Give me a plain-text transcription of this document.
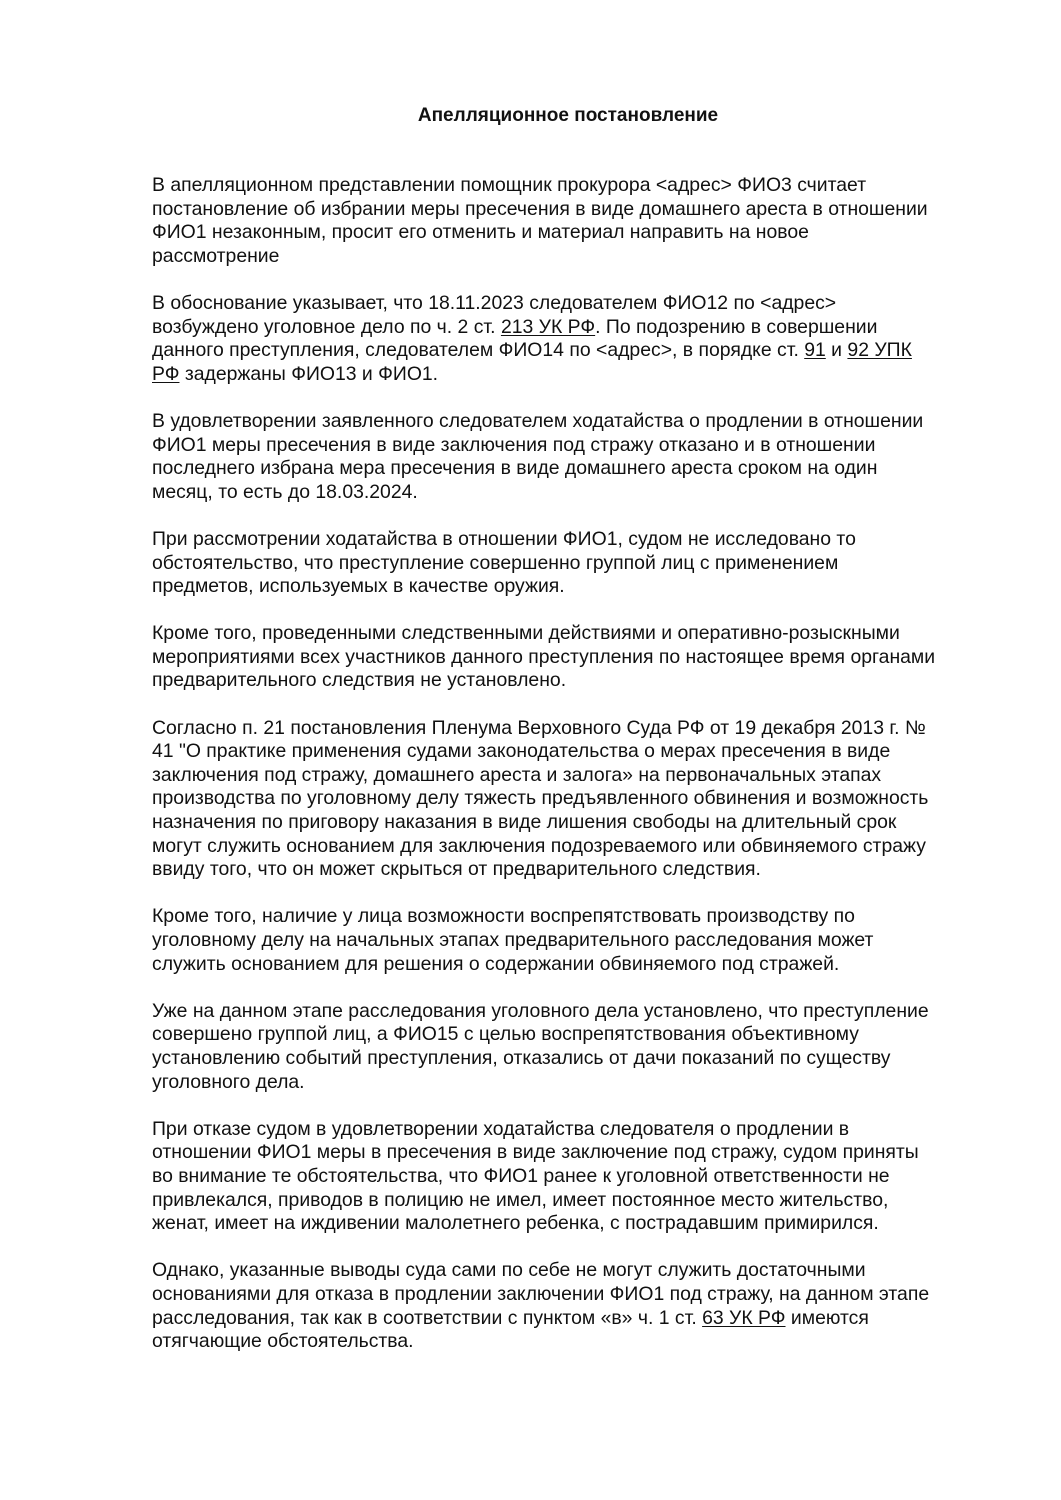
Апелляционное постановление

В апелляционном представлении помощник прокурора <адрес> ФИО3 считает
постановление об избрании меры пресечения в виде домашнего ареста в отношении
ФИО1 незаконным, просит его отменить и материал направить на новое
рассмотрение

В обоснование указывает, что 18.11.2023 следователем ФИО12 по <адрес>
возбуждено уголовное дело по ч. 2 ст. 213 УК РФ. По подозрению в совершении
данного преступления, следователем ФИО14 по <адрес>, в порядке ст. 91 и 92 УПК
РФ задержаны ФИО13 и ФИО1.

В удовлетворении заявленного следователем ходатайства о продлении в отношении
ФИО1 меры пресечения в виде заключения под стражу отказано и в отношении
последнего избрана мера пресечения в виде домашнего ареста сроком на один
месяц, то есть до 18.03.2024.

При рассмотрении ходатайства в отношении ФИО1, судом не исследовано то
обстоятельство, что преступление совершенно группой лиц с применением
предметов, используемых в качестве оружия.

Кроме того, проведенными следственными действиями и оперативно-розыскными
мероприятиями всех участников данного преступления по настоящее время органами
предварительного следствия не установлено.

Согласно п. 21 постановления Пленума Верховного Суда РФ от 19 декабря 2013 г. №
41 "О практике применения судами законодательства о мерах пресечения в виде
заключения под стражу, домашнего ареста и залога» на первоначальных этапах
производства по уголовному делу тяжесть предъявленного обвинения и возможность
назначения по приговору наказания в виде лишения свободы на длительный срок
могут служить основанием для заключения подозреваемого или обвиняемого стражу
ввиду того, что он может скрыться от предварительного следствия.

Кроме того, наличие у лица возможности воспрепятствовать производству по
уголовному делу на начальных этапах предварительного расследования может
служить основанием для решения о содержании обвиняемого под стражей.

Уже на данном этапе расследования уголовного дела установлено, что преступление
совершено группой лиц, а ФИО15 с целью воспрепятствования объективному
установлению событий преступления, отказались от дачи показаний по существу
уголовного дела.

При отказе судом в удовлетворении ходатайства следователя о продлении в
отношении ФИО1 меры в пресечения в виде заключение под стражу, судом приняты
во внимание те обстоятельства, что ФИО1 ранее к уголовной ответственности не
привлекался, приводов в полицию не имел, имеет постоянное место жительство,
женат, имеет на иждивении малолетнего ребенка, с пострадавшим примирился.

Однако, указанные выводы суда сами по себе не могут служить достаточными
основаниями для отказа в продлении заключении ФИО1 под стражу, на данном этапе
расследования, так как в соответствии с пунктом «в» ч. 1 ст. 63 УК РФ имеются
отягчающие обстоятельства.
